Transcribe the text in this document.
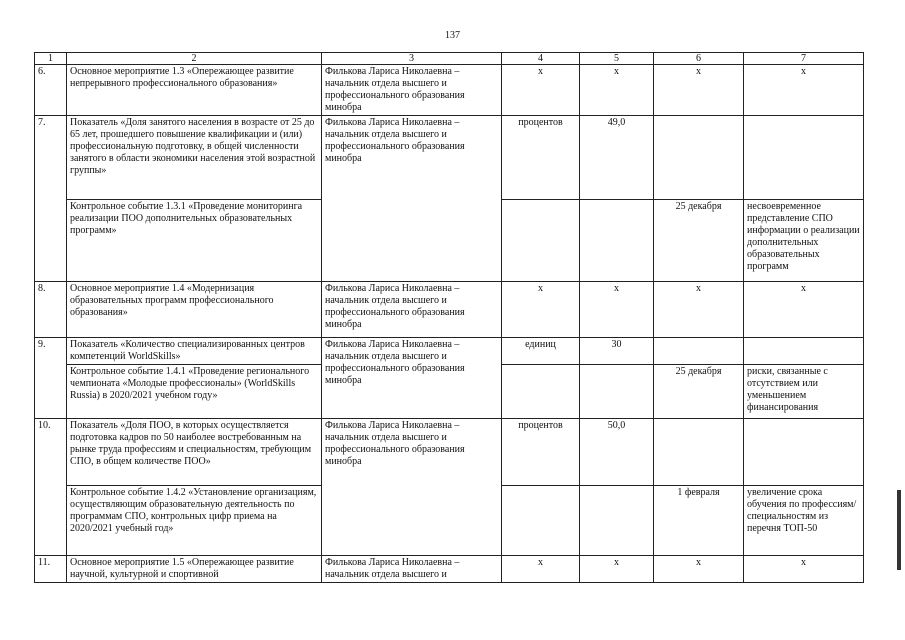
137
1	2	3	4	5	6	7
6.	Основное мероприятие 1.3 «Опережающее развитие непрерывного профессионального образования»	Филькова Лариса Николаевна – начальник отдела высшего и профессионального образования минобра	х	х	х	х
7.	Показатель «Доля занятого населения в возрасте от 25 до 65 лет, прошедшего повышение квалификации и (или) профессиональную подготовку, в общей численности занятого в области экономики населения этой возрастной группы»	Филькова Лариса Николаевна – начальник отдела высшего и профессионального образования минобра	процентов	49,0		
	Контрольное событие 1.3.1 «Проведение мониторинга реализации ПОО дополнительных образовательных программ»				25 декабря	несвоевременное представление СПО информации о реализации дополнительных образовательных программ
8.	Основное мероприятие 1.4 «Модернизация образовательных программ профессионального образования»	Филькова Лариса Николаевна – начальник отдела высшего и профессионального образования минобра	х	х	х	х
9.	Показатель «Количество специализированных центров компетенций WorldSkills»	Филькова Лариса Николаевна – начальник отдела высшего и профессионального образования минобра	единиц	30		
	Контрольное событие 1.4.1 «Проведение регионального чемпионата «Молодые профессионалы» (WorldSkills Russia) в 2020/2021 учебном году»				25 декабря	риски, связанные с отсутствием или уменьшением финансирования
10.	Показатель «Доля ПОО, в которых осуществляется подготовка кадров по 50 наиболее востребованным на рынке труда профессиям и специальностям, требующим СПО, в общем количестве ПОО»	Филькова Лариса Николаевна – начальник отдела высшего и профессионального образования минобра	процентов	50,0		
	Контрольное событие 1.4.2 «Установление организациям, осуществляющим образовательную деятельность по программам СПО, контрольных цифр приема на 2020/2021 учебный год»				1 февраля	увеличение срока обучения по профессиям/специальностям из перечня ТОП-50
11.	Основное мероприятие 1.5 «Опережающее развитие научной, культурной и спортивной	Филькова Лариса Николаевна – начальник отдела высшего и	х	х	х	х
